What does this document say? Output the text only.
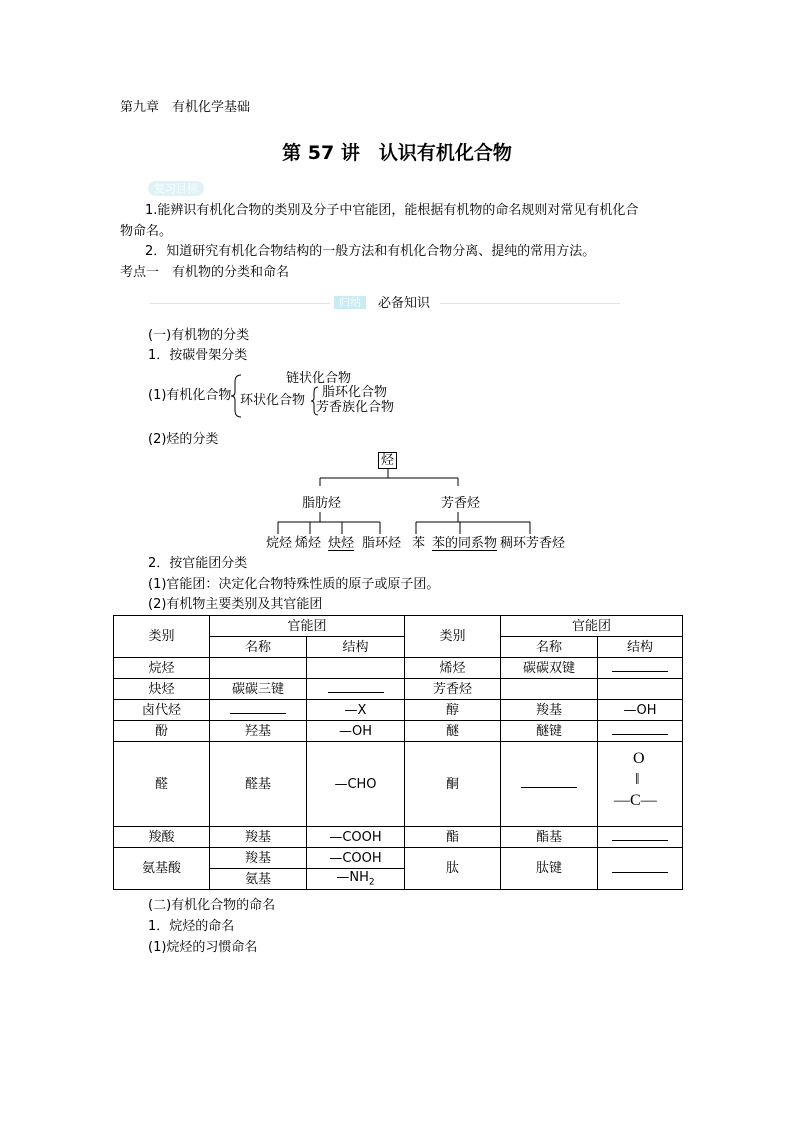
第九章　有机化学基础
第 57 讲　认识有机化合物
复习目标
1.能辨识有机化合物的类别及分子中官能团，能根据有机物的命名规则对常见有机化合
物命名。
2．知道研究有机化合物结构的一般方法和有机化合物分离、提纯的常用方法。
考点一　有机物的分类和命名
归纳	必备知识
(一)有机物的分类
1．按碳骨架分类
(1)有机化合物
链状化合物
环状化合物
脂环化合物
芳香族化合物
(2)烃的分类
烃
脂肪烃	芳香烃
烷烃 烯烃 炔烃 脂环烃 苯 苯的同系物 稠环芳香烃
2．按官能团分类
(1)官能团：决定化合物特殊性质的原子或原子团。
(2)有机物主要类别及其官能团
类别	官能团		类别	官能团	
	名称	结构		名称	结构
烷烃			烯烃	碳碳双键	
炔烃	碳碳三键		芳香烃		
卤代烃		—X	醇	羧基	—OH
酚	羟基	—OH	醚	醚键	
醛	醛基	—CHO	酮		O
‖
—C—

羧酸	羧基	—COOH	酯	酯基	
氨基酸	羧基	—COOH	肽	肽键	
	氨基	$—NH_2$
(二)有机化合物的命名
1．烷烃的命名
(1)烷烃的习惯命名
